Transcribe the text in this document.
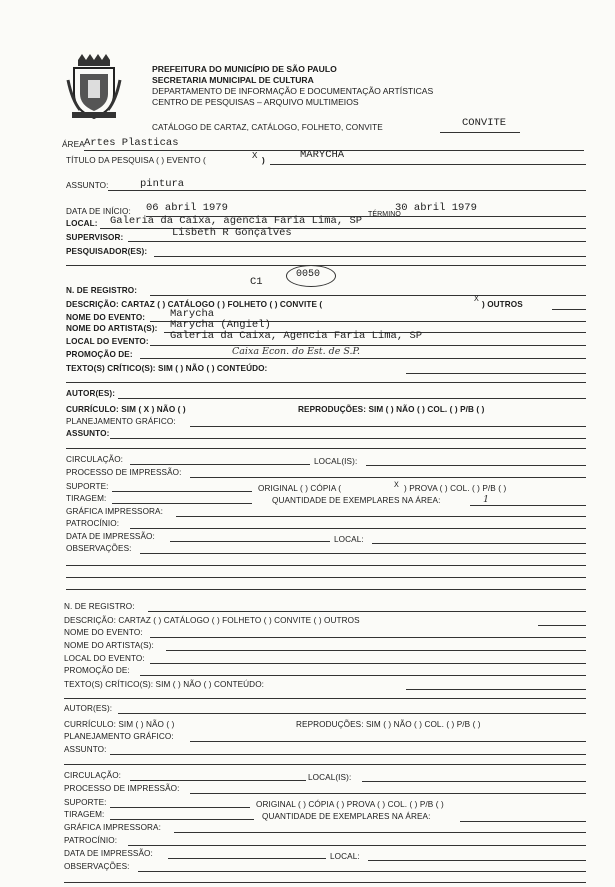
PREFEITURA DO MUNICÍPIO DE SÃO PAULO
SECRETARIA MUNICIPAL DE CULTURA
DEPARTAMENTO DE INFORMAÇÃO E DOCUMENTAÇÃO ARTÍSTICAS
CENTRO DE PESQUISAS – ARQUIVO MULTIMEIOS
CATÁLOGO DE CARTAZ, CATÁLOGO, FOLHETO, CONVITE	CONVITE
ÁREA Artes Plasticas
TÍTULO DA PESQUISA ( ) EVENTO (	X )	MARYCHA
ASSUNTO:	pintura
DATA DE INÍCIO: 06 abril 1979
TÉRMINO
30 abril 1979
LOCAL: Galeria da Caixa, agencia Faria Lima, SP
SUPERVISOR:	Lisbeth R Gonçalves
PESQUISADOR(ES):
C1
0050
N. DE REGISTRO:
DESCRIÇÃO: CARTAZ ( ) CATÁLOGO ( ) FOLHETO ( ) CONVITE (
X
) OUTROS
NOME DO EVENTO: Marycha
NOME DO ARTISTA(S): Marycha (Angiel)
LOCAL DO EVENTO: Galeria da Caixa, Agencia Faria Lima, SP
PROMOÇÃO DE:	Caixa Econ. do Est. de S.P.
TEXTO(S) CRÍTICO(S): SIM ( ) NÃO ( ) CONTEÚDO:
AUTOR(ES):
CURRÍCULO: SIM ( X ) NÃO ( )	REPRODUÇÕES: SIM ( ) NÃO ( ) COL. ( ) P/B ( )
PLANEJAMENTO GRÁFICO:
ASSUNTO:
CIRCULAÇÃO:	LOCAL(IS):
PROCESSO DE IMPRESSÃO:
SUPORTE:	ORIGINAL ( ) CÓPIA (	X ) PROVA ( ) COL. ( ) P/B ( )
TIRAGEM:	QUANTIDADE DE EXEMPLARES NA ÁREA:	1
GRÁFICA IMPRESSORA:
PATROCÍNIO:
DATA DE IMPRESSÃO:	LOCAL:
OBSERVAÇÕES:
N. DE REGISTRO:
DESCRIÇÃO: CARTAZ ( ) CATÁLOGO ( ) FOLHETO ( ) CONVITE ( ) OUTROS
NOME DO EVENTO:
NOME DO ARTISTA(S):
LOCAL DO EVENTO:
PROMOÇÃO DE:
TEXTO(S) CRÍTICO(S): SIM ( ) NÃO ( ) CONTEÚDO:
AUTOR(ES):
CURRÍCULO: SIM ( ) NÃO ( )	REPRODUÇÕES: SIM ( ) NÃO ( ) COL. ( ) P/B ( )
PLANEJAMENTO GRÁFICO:
ASSUNTO:
CIRCULAÇÃO:	LOCAL(IS):
PROCESSO DE IMPRESSÃO:
SUPORTE:	ORIGINAL ( ) CÓPIA ( ) PROVA ( ) COL. ( ) P/B ( )
TIRAGEM:	QUANTIDADE DE EXEMPLARES NA ÁREA:
GRÁFICA IMPRESSORA:
PATROCÍNIO:
DATA DE IMPRESSÃO:	LOCAL:
OBSERVAÇÕES:
